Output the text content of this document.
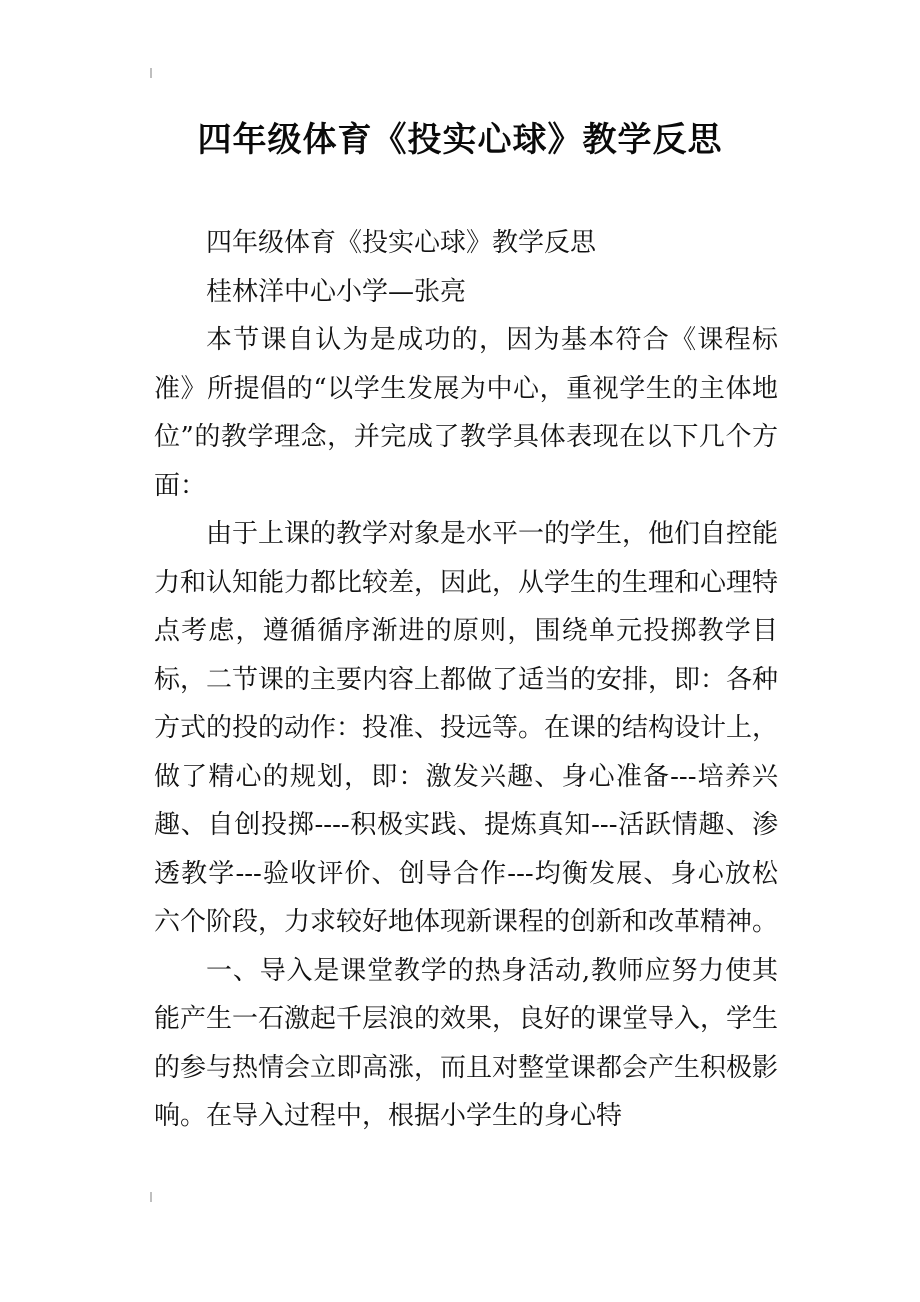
四年级体育《投实心球》教学反思

四年级体育《投实心球》教学反思

桂林洋中心小学—张亮

本节课自认为是成功的，因为基本符合《课程标准》所提倡的“以学生发展为中心，重视学生的主体地位”的教学理念，并完成了教学具体表现在以下几个方面：

由于上课的教学对象是水平一的学生，他们自控能力和认知能力都比较差，因此，从学生的生理和心理特点考虑，遵循循序渐进的原则，围绕单元投掷教学目标，二节课的主要内容上都做了适当的安排，即：各种方式的投的动作：投准、投远等。在课的结构设计上，做了精心的规划，即：激发兴趣、身心准备---培养兴趣、自创投掷----积极实践、提炼真知---活跃情趣、渗透教学---验收评价、创导合作---均衡发展、身心放松六个阶段，力求较好地体现新课程的创新和改革精神。

一、导入是课堂教学的热身活动,教师应努力使其能产生一石激起千层浪的效果，良好的课堂导入，学生的参与热情会立即高涨，而且对整堂课都会产生积极影响。在导入过程中，根据小学生的身心特
